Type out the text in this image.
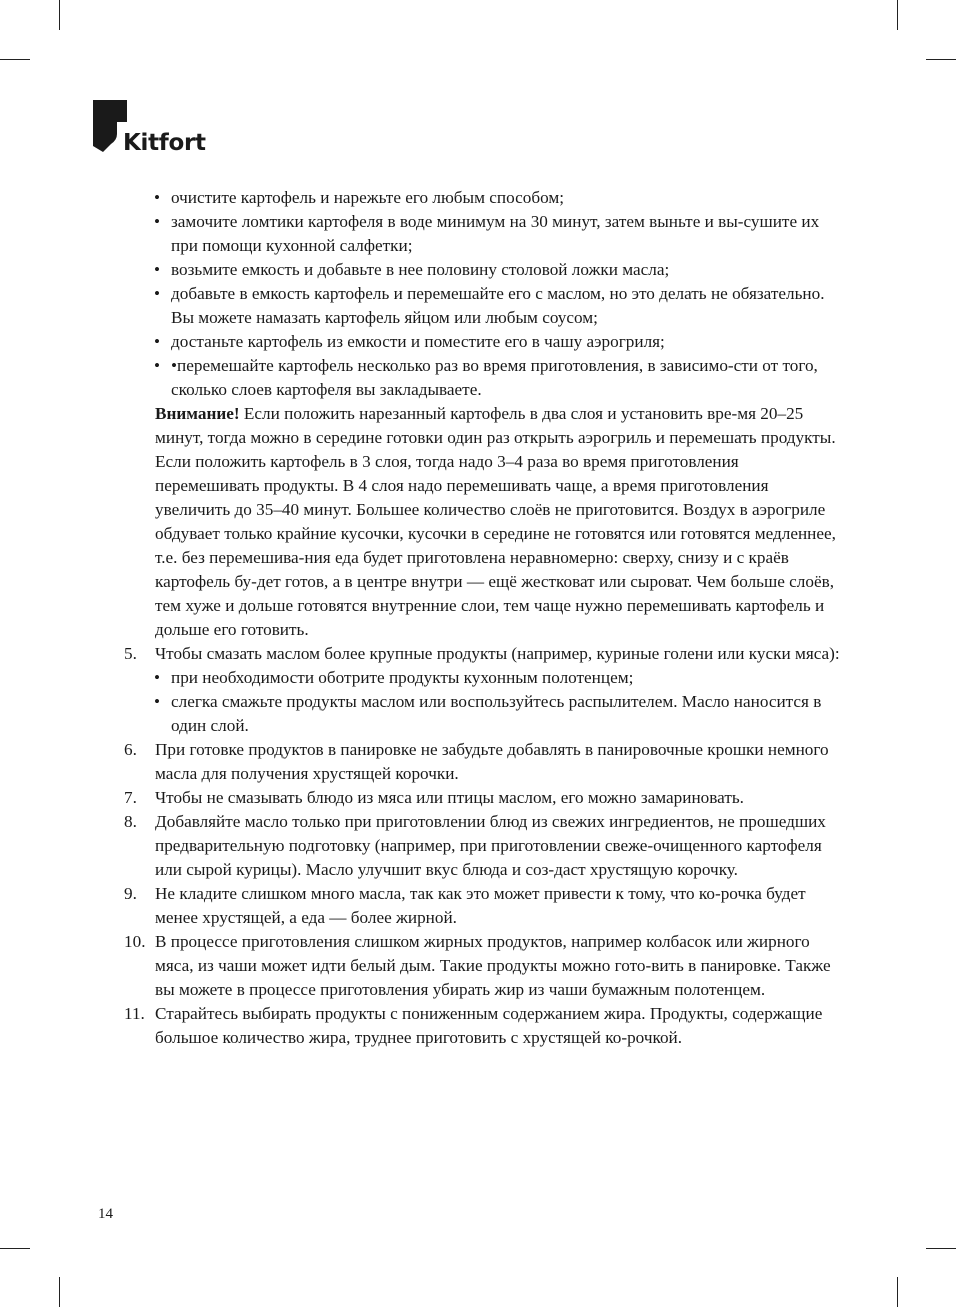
Kitfort
• очистите картофель и нарежьте его любым способом;
• замочите ломтики картофеля в воде минимум на 30 минут, затем выньте и вы-сушите их при помощи кухонной салфетки;
• возьмите емкость и добавьте в нее половину столовой ложки масла;
• добавьте в емкость картофель и перемешайте его с маслом, но это делать не обязательно. Вы можете намазать картофель яйцом или любым соусом;
• достаньте картофель из емкости и поместите его в чашу аэрогриля;
• •перемешайте картофель несколько раз во время приготовления, в зависимо-сти от того, сколько слоев картофеля вы закладываете.
Внимание! Если положить нарезанный картофель в два слоя и установить вре-мя 20–25 минут, тогда можно в середине готовки один раз открыть аэрогриль и перемешать продукты. Если положить картофель в 3 слоя, тогда надо 3–4 раза во время приготовления перемешивать продукты. В 4 слоя надо перемешивать чаще, а время приготовления увеличить до 35–40 минут. Большее количество слоёв не приготовится. Воздух в аэрогриле обдувает только крайние кусочки, кусочки в середине не готовятся или готовятся медленнее, т.е. без перемешива-ния еда будет приготовлена неравномерно: сверху, снизу и с краёв картофель бу-дет готов, а в центре внутри — ещё жестковат или сыроват. Чем больше слоёв, тем хуже и дольше готовятся внутренние слои, тем чаще нужно перемешивать картофель и дольше его готовить.
5. Чтобы смазать маслом более крупные продукты (например, куриные голени или куски мяса):
• при необходимости оботрите продукты кухонным полотенцем;
• слегка смажьте продукты маслом или воспользуйтесь распылителем. Масло наносится в один слой.
6. При готовке продуктов в панировке не забудьте добавлять в панировочные крошки немного масла для получения хрустящей корочки.
7. Чтобы не смазывать блюдо из мяса или птицы маслом, его можно замариновать.
8. Добавляйте масло только при приготовлении блюд из свежих ингредиентов, не прошедших предварительную подготовку (например, при приготовлении свеже-очищенного картофеля или сырой курицы). Масло улучшит вкус блюда и соз-даст хрустящую корочку.
9. Не кладите слишком много масла, так как это может привести к тому, что ко-рочка будет менее хрустящей, а еда — более жирной.
10. В процессе приготовления слишком жирных продуктов, например колбасок или жирного мяса, из чаши может идти белый дым. Такие продукты можно гото-вить в панировке. Также вы можете в процессе приготовления убирать жир из чаши бумажным полотенцем.
11. Старайтесь выбирать продукты с пониженным содержанием жира. Продукты, содержащие большое количество жира, труднее приготовить с хрустящей ко-рочкой.
14
